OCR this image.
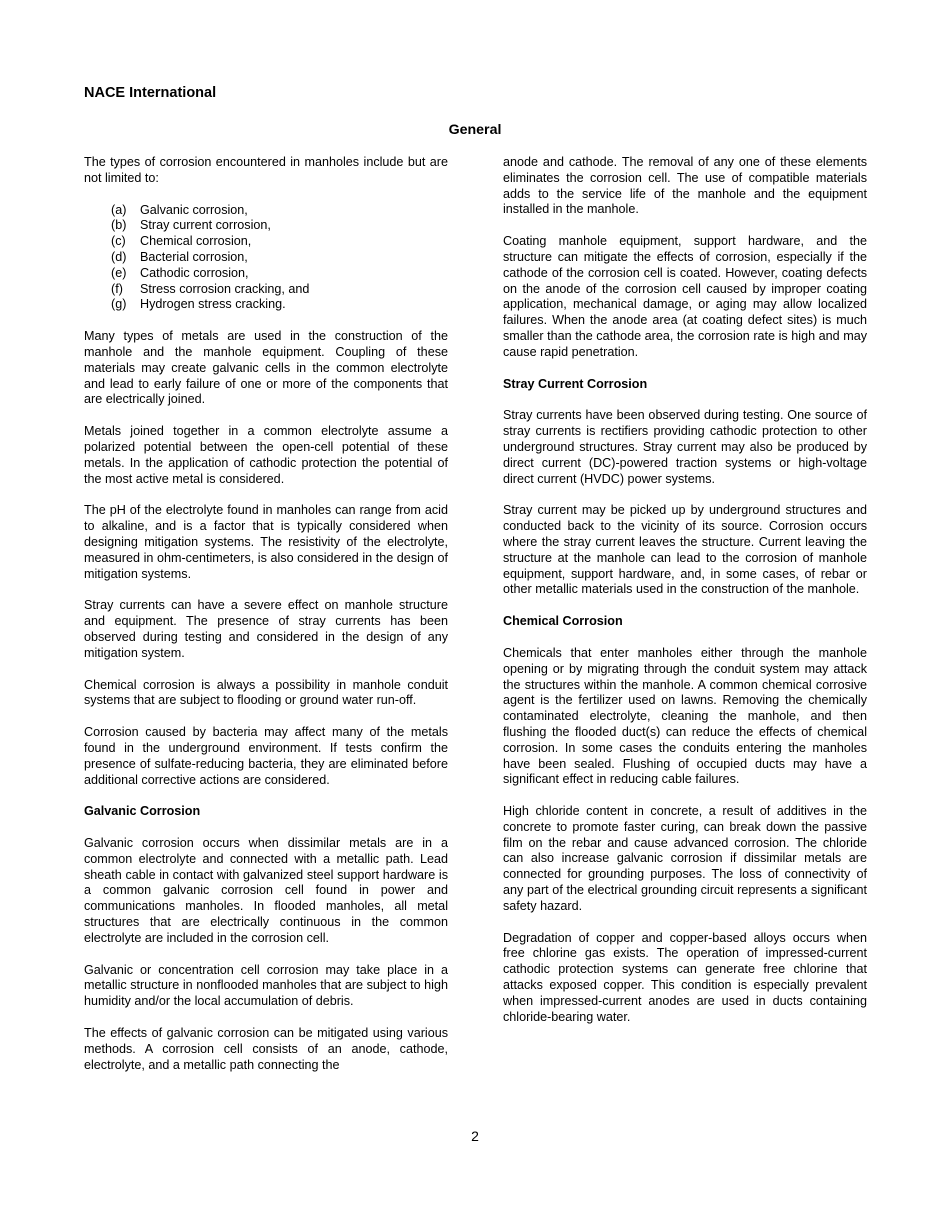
NACE International
General

The types of corrosion encountered in manholes include but are not limited to:

(a)	Galvanic corrosion,
(b)	Stray current corrosion,
(c)	Chemical corrosion,
(d)	Bacterial corrosion,
(e)	Cathodic corrosion,
(f)	Stress corrosion cracking, and
(g)	Hydrogen stress cracking.

Many types of metals are used in the construction of the manhole and the manhole equipment. Coupling of these materials may create galvanic cells in the common electrolyte and lead to early failure of one or more of the components that are electrically joined.

Metals joined together in a common electrolyte assume a polarized potential between the open-cell potential of these metals. In the application of cathodic protection the potential of the most active metal is considered.

The pH of the electrolyte found in manholes can range from acid to alkaline, and is a factor that is typically considered when designing mitigation systems. The resistivity of the electrolyte, measured in ohm-centimeters, is also considered in the design of mitigation systems.

Stray currents can have a severe effect on manhole structure and equipment. The presence of stray currents has been observed during testing and considered in the design of any mitigation system.

Chemical corrosion is always a possibility in manhole conduit systems that are subject to flooding or ground water run-off.

Corrosion caused by bacteria may affect many of the metals found in the underground environment. If tests confirm the presence of sulfate-reducing bacteria, they are eliminated before additional corrective actions are considered.

Galvanic Corrosion

Galvanic corrosion occurs when dissimilar metals are in a common electrolyte and connected with a metallic path. Lead sheath cable in contact with galvanized steel support hardware is a common galvanic corrosion cell found in power and communications manholes. In flooded manholes, all metal structures that are electrically continuous in the common electrolyte are included in the corrosion cell.

Galvanic or concentration cell corrosion may take place in a metallic structure in nonflooded manholes that are subject to high humidity and/or the local accumulation of debris.

The effects of galvanic corrosion can be mitigated using various methods. A corrosion cell consists of an anode, cathode, electrolyte, and a metallic path connecting the

anode and cathode. The removal of any one of these elements eliminates the corrosion cell. The use of compatible materials adds to the service life of the manhole and the equipment installed in the manhole.

Coating manhole equipment, support hardware, and the structure can mitigate the effects of corrosion, especially if the cathode of the corrosion cell is coated. However, coating defects on the anode of the corrosion cell caused by improper coating application, mechanical damage, or aging may allow localized failures. When the anode area (at coating defect sites) is much smaller than the cathode area, the corrosion rate is high and may cause rapid penetration.

Stray Current Corrosion

Stray currents have been observed during testing. One source of stray currents is rectifiers providing cathodic protection to other underground structures. Stray current may also be produced by direct current (DC)-powered traction systems or high-voltage direct current (HVDC) power systems.

Stray current may be picked up by underground structures and conducted back to the vicinity of its source. Corrosion occurs where the stray current leaves the structure. Current leaving the structure at the manhole can lead to the corrosion of manhole equipment, support hardware, and, in some cases, of rebar or other metallic materials used in the construction of the manhole.

Chemical Corrosion

Chemicals that enter manholes either through the manhole opening or by migrating through the conduit system may attack the structures within the manhole. A common chemical corrosive agent is the fertilizer used on lawns. Removing the chemically contaminated electrolyte, cleaning the manhole, and then flushing the flooded duct(s) can reduce the effects of chemical corrosion. In some cases the conduits entering the manholes have been sealed. Flushing of occupied ducts may have a significant effect in reducing cable failures.

High chloride content in concrete, a result of additives in the concrete to promote faster curing, can break down the passive film on the rebar and cause advanced corrosion. The chloride can also increase galvanic corrosion if dissimilar metals are connected for grounding purposes. The loss of connectivity of any part of the electrical grounding circuit represents a significant safety hazard.

Degradation of copper and copper-based alloys occurs when free chlorine gas exists. The operation of impressed-current cathodic protection systems can generate free chlorine that attacks exposed copper. This condition is especially prevalent when impressed-current anodes are used in ducts containing chloride-bearing water.

2
